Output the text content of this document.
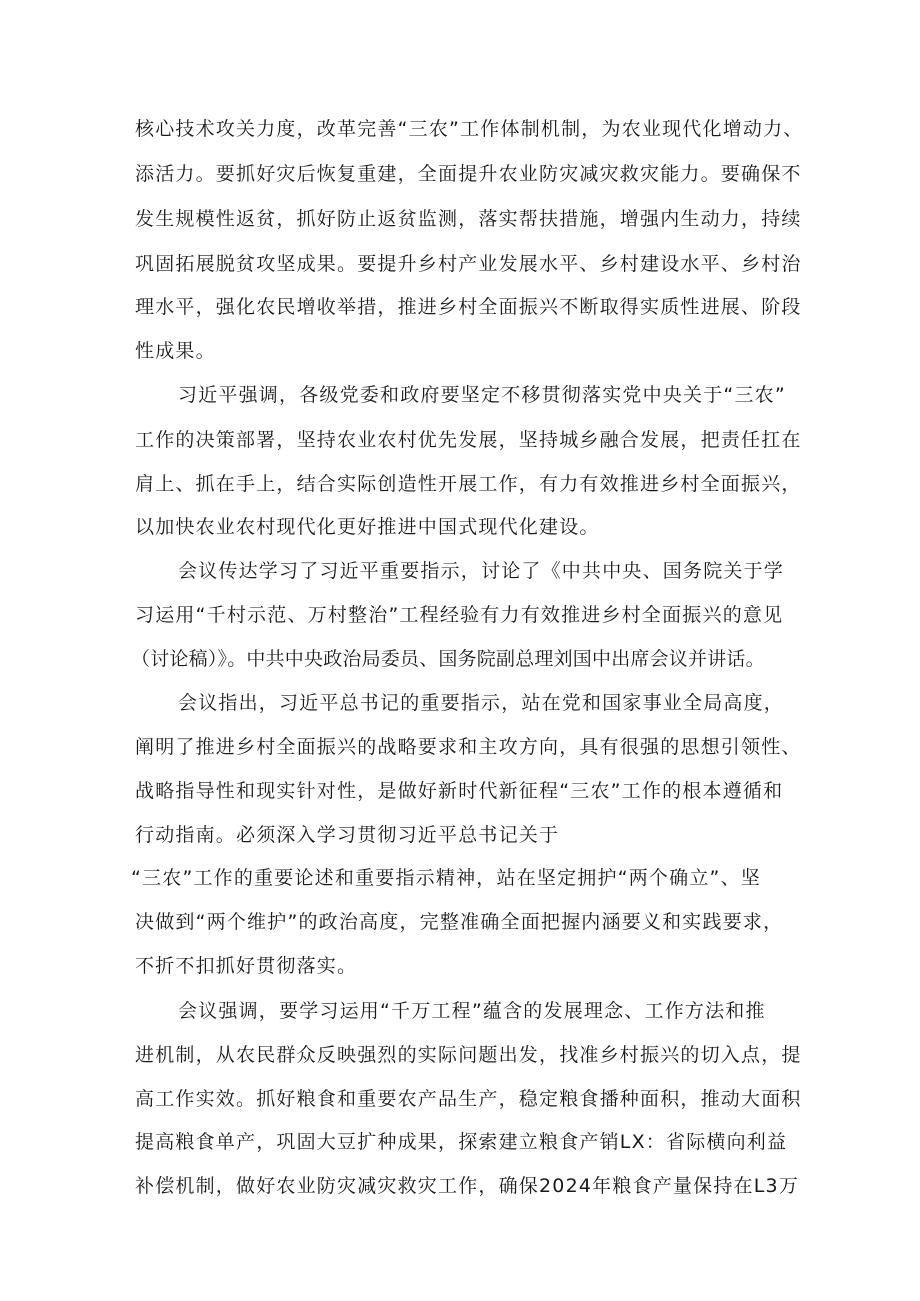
核心技术攻关力度，改革完善“三农”工作体制机制，为农业现代化增动力、
添活力。要抓好灾后恢复重建，全面提升农业防灾减灾救灾能力。要确保不
发生规模性返贫，抓好防止返贫监测，落实帮扶措施，增强内生动力，持续
巩固拓展脱贫攻坚成果。要提升乡村产业发展水平、乡村建设水平、乡村治
理水平，强化农民增收举措，推进乡村全面振兴不断取得实质性进展、阶段
性成果。
习近平强调，各级党委和政府要坚定不移贯彻落实党中央关于“三农”
工作的决策部署，坚持农业农村优先发展，坚持城乡融合发展，把责任扛在
肩上、抓在手上，结合实际创造性开展工作，有力有效推进乡村全面振兴，
以加快农业农村现代化更好推进中国式现代化建设。
会议传达学习了习近平重要指示，讨论了《中共中央、国务院关于学
习运用“千村示范、万村整治”工程经验有力有效推进乡村全面振兴的意见
（讨论稿）》。中共中央政治局委员、国务院副总理刘国中出席会议并讲话。
会议指出，习近平总书记的重要指示，站在党和国家事业全局高度，
阐明了推进乡村全面振兴的战略要求和主攻方向，具有很强的思想引领性、
战略指导性和现实针对性，是做好新时代新征程“三农”工作的根本遵循和
行动指南。必须深入学习贯彻习近平总书记关于
“三农”工作的重要论述和重要指示精神，站在坚定拥护“两个确立”、坚
决做到“两个维护”的政治高度，完整准确全面把握内涵要义和实践要求，
不折不扣抓好贯彻落实。
会议强调，要学习运用“千万工程”蕴含的发展理念、工作方法和推
进机制，从农民群众反映强烈的实际问题出发，找准乡村振兴的切入点，提
高工作实效。抓好粮食和重要农产品生产，稳定粮食播种面积，推动大面积
提高粮食单产，巩固大豆扩种成果，探索建立粮食产销LX：省际横向利益
补偿机制，做好农业防灾减灾救灾工作，确保2024年粮食产量保持在L3万
